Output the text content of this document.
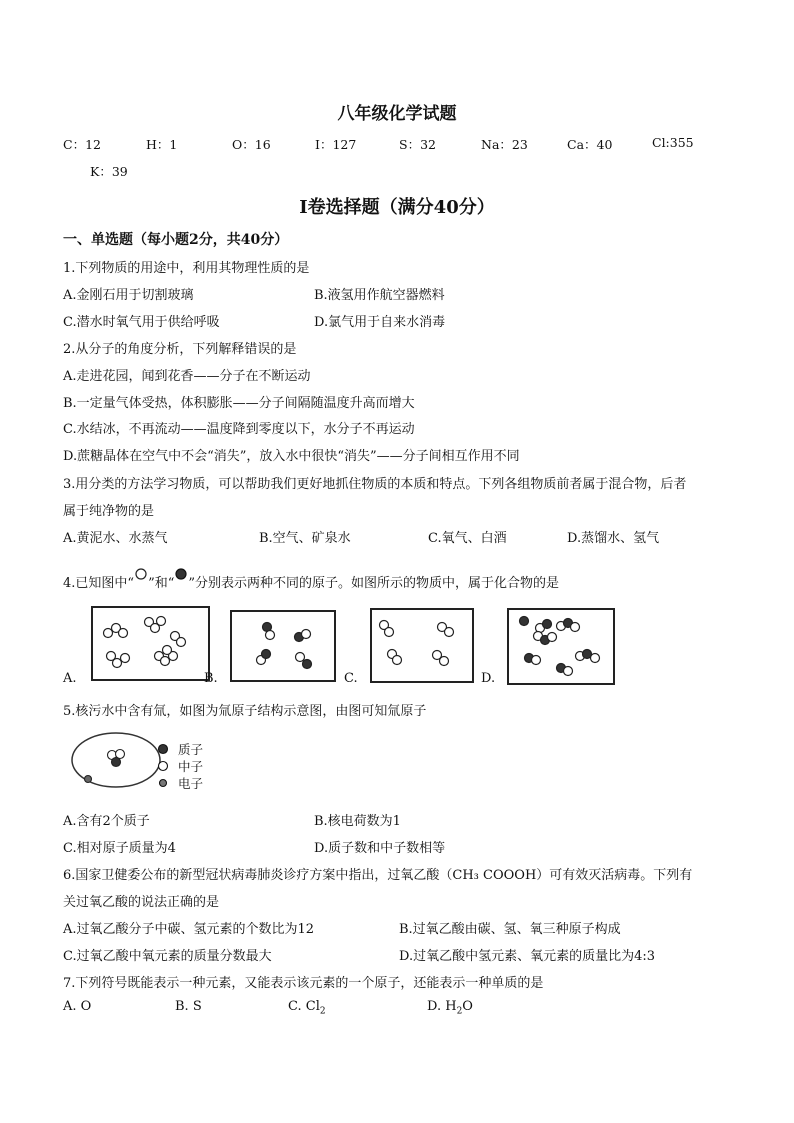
八年级化学试题
C：12	H：1	O：16	I：127	S：32	Na：23	Ca：40	Cl:355
K：39
I卷选择题（满分40分）
一、单选题（每小题2分，共40分）
1.下列物质的用途中，利用其物理性质的是
A.金刚石用于切割玻璃	B.液氢用作航空器燃料
C.潜水时氧气用于供给呼吸	D.氯气用于自来水消毒
2.从分子的角度分析，下列解释错误的是
A.走进花园，闻到花香——分子在不断运动
B.一定量气体受热，体积膨胀——分子间隔随温度升高而增大
C.水结冰，不再流动——温度降到零度以下，水分子不再运动
D.蔗糖晶体在空气中不会“消失”，放入水中很快“消失”——分子间相互作用不同
3.用分类的方法学习物质，可以帮助我们更好地抓住物质的本质和特点。下列各组物质前者属于混合物，后者
属于纯净物的是
A.黄泥水、水蒸气	B.空气、矿泉水	C.氧气、白酒	D.蒸馏水、氢气
4.已知图中“ ”和“ ”分别表示两种不同的原子。如图所示的物质中，属于化合物的是
A.	B.	C.	D.
5.核污水中含有氚，如图为氚原子结构示意图，由图可知氚原子
质子
中子
电子
A.含有2个质子	B.核电荷数为1
C.相对原子质量为4	D.质子数和中子数相等
6.国家卫健委公布的新型冠状病毒肺炎诊疗方案中指出，过氧乙酸（CH₃ COOOH）可有效灭活病毒。下列有
关过氧乙酸的说法正确的是
A.过氧乙酸分子中碳、氢元素的个数比为12	B.过氧乙酸由碳、氢、氧三种原子构成
C.过氧乙酸中氧元素的质量分数最大	D.过氧乙酸中氢元素、氧元素的质量比为4:3
7.下列符号既能表示一种元素，又能表示该元素的一个原子，还能表示一种单质的是
A. O	B. S	C. $Cl_2$	D. $H_2O$
